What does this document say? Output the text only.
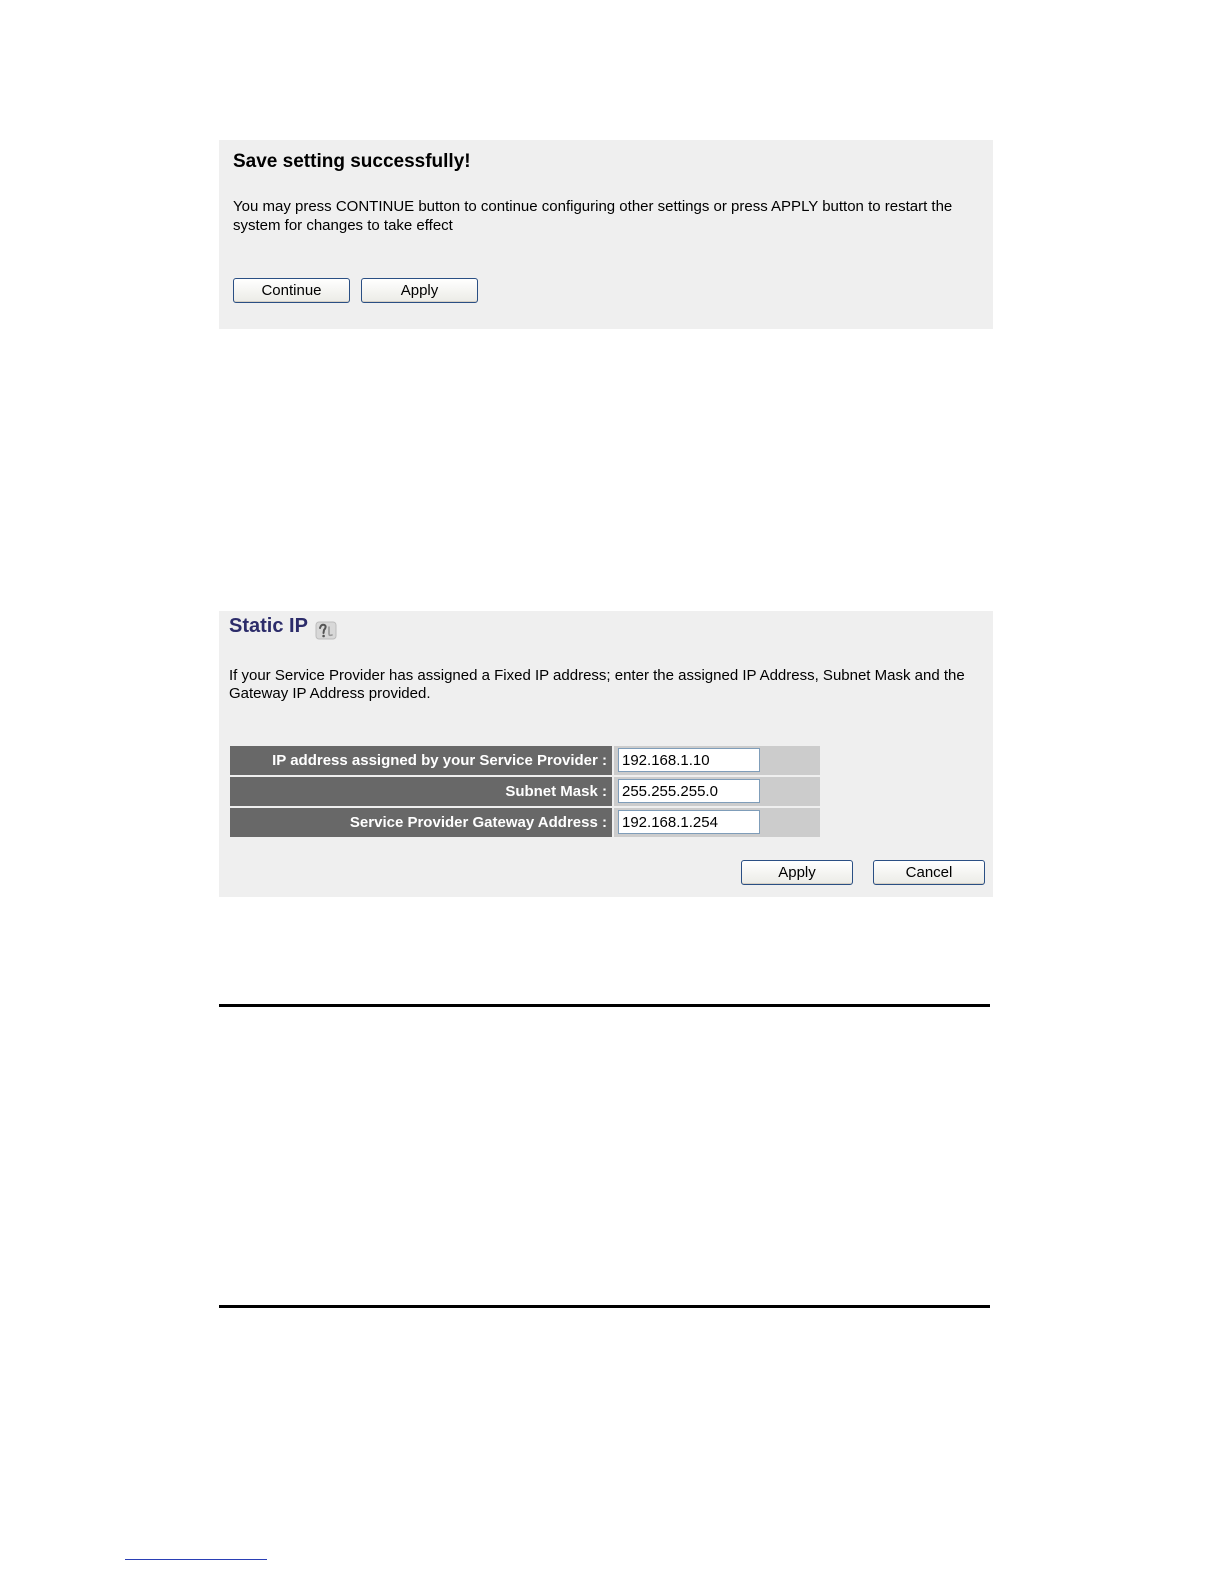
Save setting successfully!
You may press CONTINUE button to continue configuring other settings or press APPLY button to restart the system for changes to take effect
Continue	Apply
Static IP
If your Service Provider has assigned a Fixed IP address; enter the assigned IP Address, Subnet Mask and the Gateway IP Address provided.
IP address assigned by your Service Provider :
192.168.1.10
Subnet Mask :
255.255.255.0
Service Provider Gateway Address :
192.168.1.254
Apply	Cancel
